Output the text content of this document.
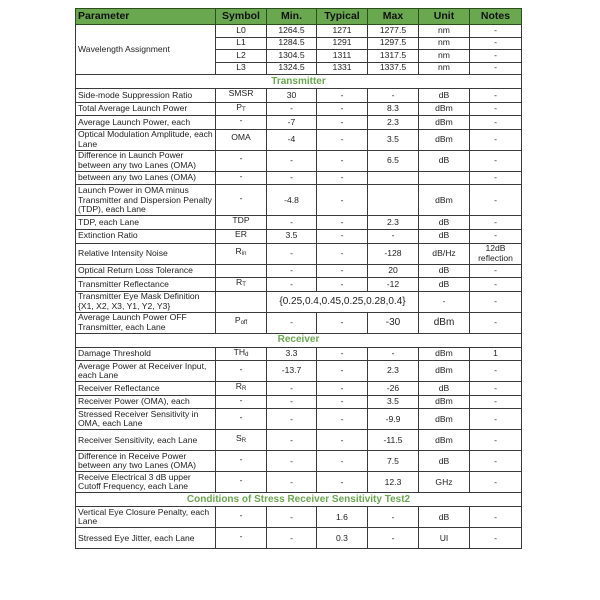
Parameter	Symbol	Min.	Typical	Max	Unit	Notes
Wavelength Assignment	L0	1264.5	1271	1277.5	nm	-
	L1	1284.5	1291	1297.5	nm	-
	L2	1304.5	1311	1317.5	nm	-
	L3	1324.5	1331	1337.5	nm	-
Transmitter						
Side-mode Suppression Ratio	SMSR	30	-	-	dB	-
Total Average Launch Power	$P_T$	-	-	8.3	dBm	-
Average Launch Power, each	-	-7	-	2.3	dBm	-
Optical Modulation Amplitude, each Lane	OMA	-4	-	3.5	dBm	-
Difference in Launch Power between any two Lanes (OMA)	-	-	-	6.5	dB	-
between any two Lanes (OMA)	-	-	-			-
Launch Power in OMA minus Transmitter and Dispersion Penalty (TDP), each Lane	-	-4.8	-		dBm	-
TDP, each Lane	TDP	-	-	2.3	dB	-
Extinction Ratio	ER	3.5	-	-	dB	-
Relative Intensity Noise	$R_{in}$	-	-	-128	dB/Hz	12dB reflection
Optical Return Loss Tolerance		-	-	20	dB	-
Transmitter Reflectance	$R_T$	-	-	-12	dB	-
Transmitter Eye Mask Definition {X1, X2, X3, Y1, Y2, Y3}		{0.25,0.4,0.45,0.25,0.28,0.4}			-	-
Average Launch Power OFF Transmitter, each Lane	$P_{off}$	-	-	-30	dBm	-
Receiver						
Damage Threshold	$TH_d$	3.3	-	-	dBm	1
Average Power at Receiver Input, each Lane	-	-13.7	-	2.3	dBm	-
Receiver Reflectance	$R_R$	-	-	-26	dB	-
Receiver Power (OMA), each	-	-	-	3.5	dBm	-
Stressed Receiver Sensitivity in OMA, each Lane	-	-	-	-9.9	dBm	-
Receiver Sensitivity, each Lane	$S_R$	-	-	-11.5	dBm	-
Difference in Receive Power between any two Lanes (OMA)	-	-	-	7.5	dB	-
Receive Electrical 3 dB upper Cutoff Frequency, each Lane	-	-	-	12.3	GHz	-
Conditions of Stress Receiver Sensitivity Test2						
Vertical Eye Closure Penalty, each Lane	-	-	1.6	-	dB	-
Stressed Eye Jitter, each Lane	-	-	0.3	-	UI	-
